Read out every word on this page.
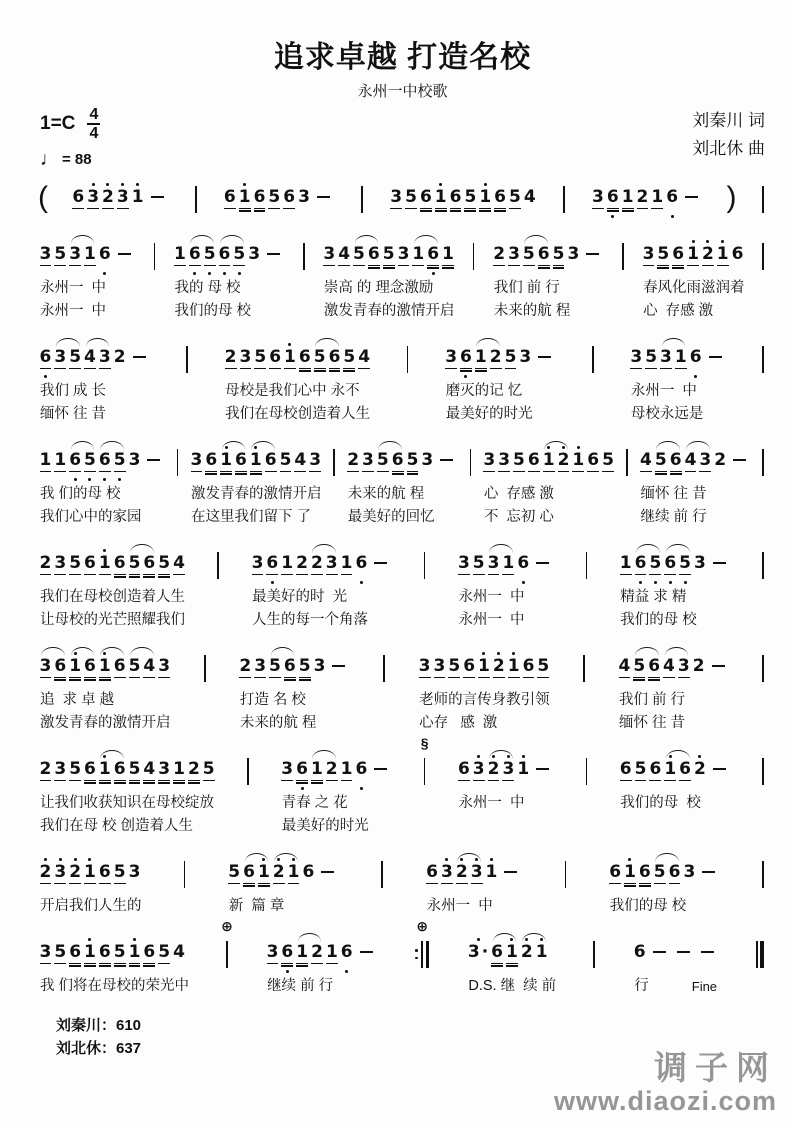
追求卓越 打造名校
永州一中校歌
1=C 4
4
♩ = 88
刘秦川 词
刘北休 曲
( 6 3 2 3 1	6 1 6 5 6 3	3 5 6 1 6 5 1 6 5 4	3 6 1 2 1 6 )
3 5 3 1 6
永州一  中
永州一  中
1 6 5 6 5 3
我的 母 校
我们的母 校
3 4 5 6 5 3 1 6 1
崇高 的 理念激励
激发青春的激情开启
2 3 5 6 5 3
我们 前 行
未来的航 程
3 5 6 1 2 1 6
春风化雨滋润着
心  存感 激
6 3 5 4 3 2
我们 成 长
缅怀 往 昔
2 3 5 6 1 6 5 6 5 4
母校是我们心中 永不
我们在母校创造着人生
3 6 1 2 5 3
磨灭的记 忆
最美好的时光
3 5 3 1 6
永州一  中
母校永远是
1 1 6 5 6 5 3
我 们的母 校
我们心中的家园
3 6 1 6 1 6 5 4 3
激发青春的激情开启
在这里我们留下 了
2 3 5 6 5 3
未来的航 程
最美好的回忆
3 3 5 6 1 2 1 6 5
心  存感 激
不  忘初 心
4 5 6 4 3 2
缅怀 往 昔
继续 前 行
2 3 5 6 1 6 5 6 5 4
我们在母校创造着人生
让母校的光芒照耀我们
3 6 1 2 2 3 1 6
最美好的时  光
人生的每一个角落
3 5 3 1 6
永州一  中
永州一  中
1 6 5 6 5 3
精益 求 精
我们的母 校
3 6 1 6 1 6 5 4 3
追  求 卓 越
激发青春的激情开启
2 3 5 6 5 3
打造 名 校
未来的航 程
3 3 5 6 1 2 1 6 5
老师的言传身教引领
心存   感  激
4 5 6 4 3 2
我们 前 行
缅怀 往 昔
2 3 5 6 1 6 5 4 3 1 2 5
让我们收获知识在母校绽放
我们在母 校 创造着人生
3 6 1 2 1 6
青春 之 花
最美好的时光
§
6 3 2 3 1
永州一  中
6 5 6 1 6 2
我们的母  校
2 3 2 1 6 5 3
开启我们人生的
5 6 1 2 1 6
新  篇 章
6 3 2 3 1
永州一  中
6 1 6 5 6 3
我们的母 校
3 5 6 1 6 5 1 6 5 4
我 们将在母校的荣光中
⊕
3 6 1 2 1 6
继续 前 行
⊕
3 · 6 1 2 1
D.S. 继  续 前
6
行	Fine
刘秦川：610
刘北休：637
调子网
www.diaozi.com
